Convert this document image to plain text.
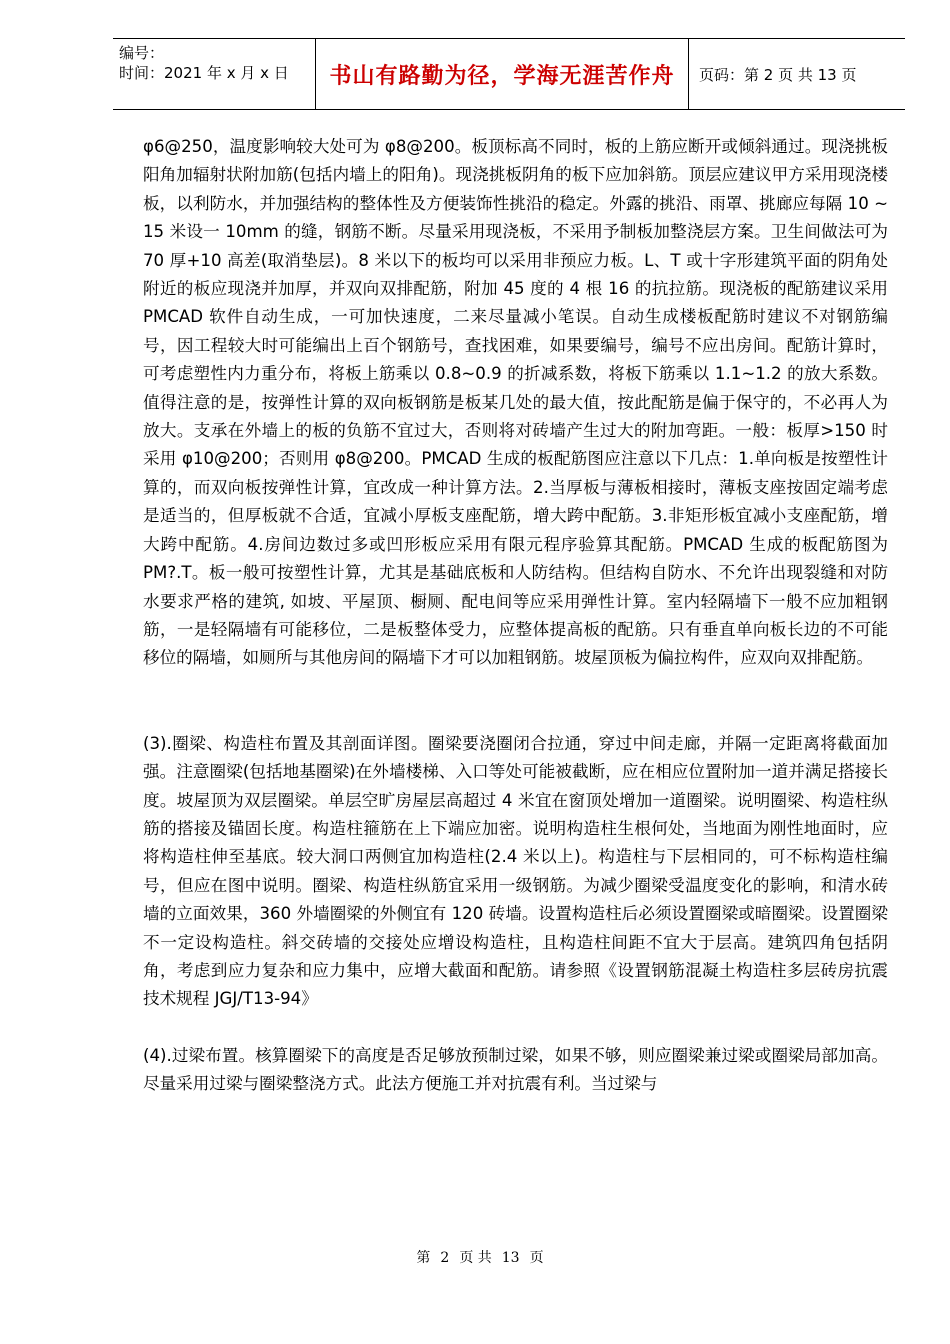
编号：
时间：2021 年 x 月 x 日	书山有路勤为径，学海无涯苦作舟	页码：第 2 页 共 13 页

φ6@250，温度影响较大处可为 φ8@200。板顶标高不同时，板的上筋应断开或倾斜通过。现浇挑板阳角加辐射状附加筋(包括内墙上的阳角)。现浇挑板阴角的板下应加斜筋。顶层应建议甲方采用现浇楼板，以利防水，并加强结构的整体性及方便装饰性挑沿的稳定。外露的挑沿、雨罩、挑廊应每隔 10 ~ 15 米设一 10mm 的缝，钢筋不断。尽量采用现浇板，不采用予制板加整浇层方案。卫生间做法可为 70 厚+10 高差(取消垫层)。8 米以下的板均可以采用非预应力板。L、T 或十字形建筑平面的阴角处附近的板应现浇并加厚，并双向双排配筋，附加 45 度的 4 根 16 的抗拉筋。现浇板的配筋建议采用 PMCAD 软件自动生成，一可加快速度，二来尽量减小笔误。自动生成楼板配筋时建议不对钢筋编号，因工程较大时可能编出上百个钢筋号，查找困难，如果要编号，编号不应出房间。配筋计算时，可考虑塑性内力重分布，将板上筋乘以 0.8~0.9 的折减系数，将板下筋乘以 1.1~1.2 的放大系数。值得注意的是，按弹性计算的双向板钢筋是板某几处的最大值，按此配筋是偏于保守的，不必再人为放大。支承在外墙上的板的负筋不宜过大，否则将对砖墙产生过大的附加弯距。一般：板厚>150 时采用 φ10@200；否则用 φ8@200。PMCAD 生成的板配筋图应注意以下几点：1.单向板是按塑性计算的，而双向板按弹性计算，宜改成一种计算方法。2.当厚板与薄板相接时，薄板支座按固定端考虑是适当的，但厚板就不合适，宜减小厚板支座配筋，增大跨中配筋。3.非矩形板宜减小支座配筋，增大跨中配筋。4.房间边数过多或凹形板应采用有限元程序验算其配筋。PMCAD 生成的板配筋图为 PM?.T。板一般可按塑性计算，尤其是基础底板和人防结构。但结构自防水、不允许出现裂缝和对防水要求严格的建筑, 如坡、平屋顶、橱厕、配电间等应采用弹性计算。室内轻隔墙下一般不应加粗钢筋，一是轻隔墙有可能移位，二是板整体受力，应整体提高板的配筋。只有垂直单向板长边的不可能移位的隔墙，如厕所与其他房间的隔墙下才可以加粗钢筋。坡屋顶板为偏拉构件，应双向双排配筋。

(3).圈梁、构造柱布置及其剖面详图。圈梁要浇圈闭合拉通，穿过中间走廊，并隔一定距离将截面加强。注意圈梁(包括地基圈梁)在外墙楼梯、入口等处可能被截断，应在相应位置附加一道并满足搭接长度。坡屋顶为双层圈梁。单层空旷房屋层高超过 4 米宜在窗顶处增加一道圈梁。说明圈梁、构造柱纵筋的搭接及锚固长度。构造柱箍筋在上下端应加密。说明构造柱生根何处，当地面为刚性地面时，应将构造柱伸至基底。较大洞口两侧宜加构造柱(2.4 米以上)。构造柱与下层相同的，可不标构造柱编号，但应在图中说明。圈梁、构造柱纵筋宜采用一级钢筋。为减少圈梁受温度变化的影响，和清水砖墙的立面效果，360 外墙圈梁的外侧宜有 120 砖墙。设置构造柱后必须设置圈梁或暗圈梁。设置圈梁不一定设构造柱。斜交砖墙的交接处应增设构造柱，且构造柱间距不宜大于层高。建筑四角包括阴角，考虑到应力复杂和应力集中，应增大截面和配筋。请参照《设置钢筋混凝土构造柱多层砖房抗震技术规程 JGJ/T13-94》

(4).过梁布置。核算圈梁下的高度是否足够放预制过梁，如果不够，则应圈梁兼过梁或圈梁局部加高。尽量采用过梁与圈梁整浇方式。此法方便施工并对抗震有利。当过梁与

第 2 页 共 13 页
